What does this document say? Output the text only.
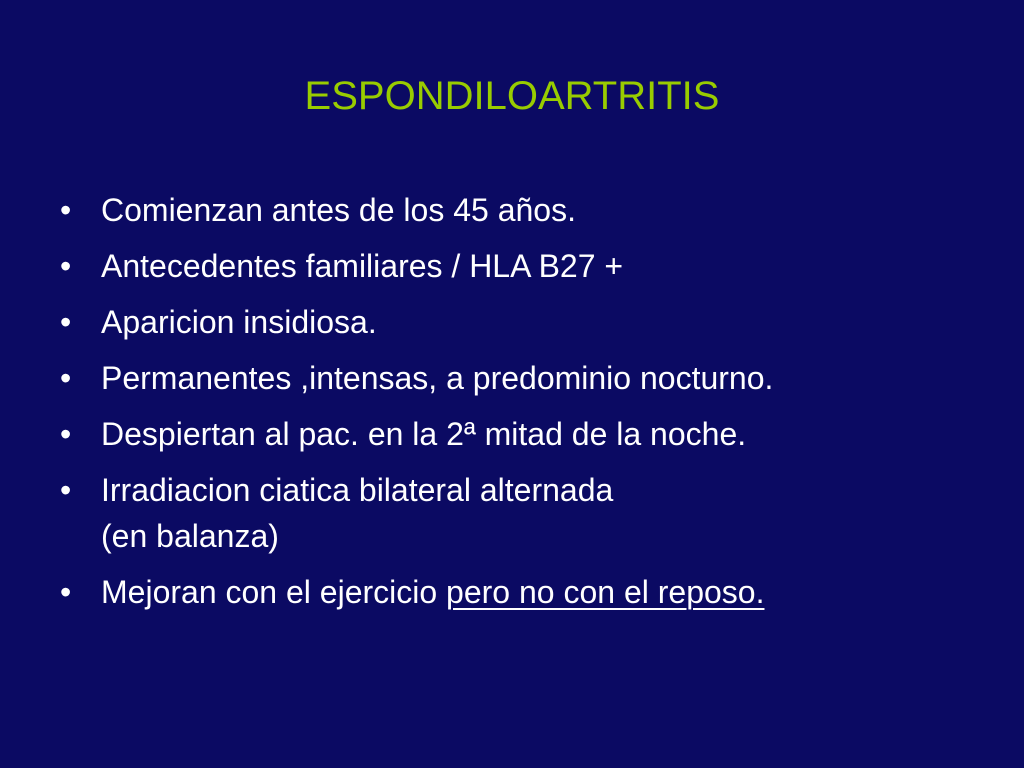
ESPONDILOARTRITIS
• Comienzan antes de los 45 años.
• Antecedentes familiares / HLA B27 +
• Aparicion insidiosa.
• Permanentes ,intensas, a predominio nocturno.
• Despiertan al pac. en la 2ª mitad de la noche.
• Irradiacion ciatica bilateral alternada
(en balanza)
• Mejoran con el ejercicio pero no con el reposo.
